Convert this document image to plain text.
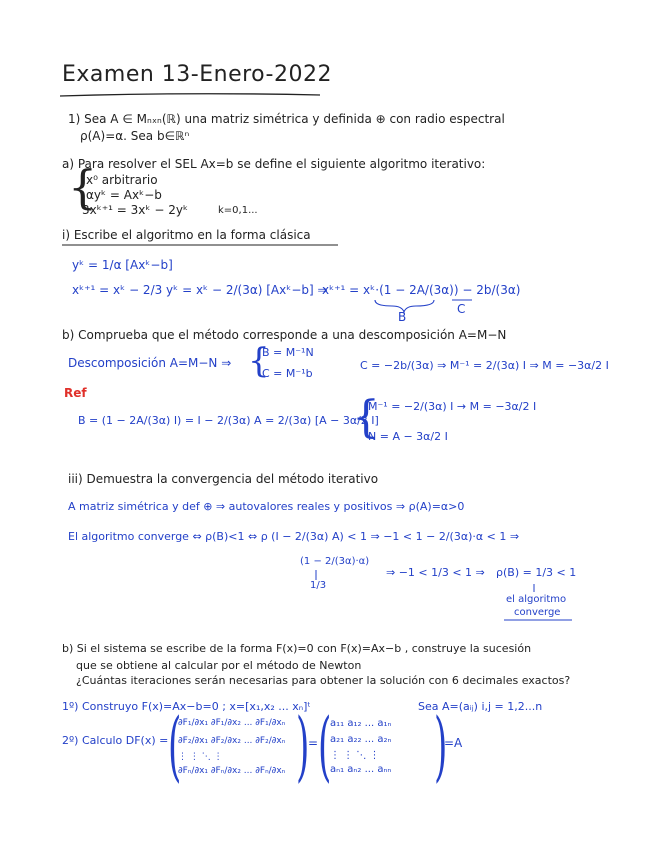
Examen 13-Enero-2022
1) Sea A ∈ Mₙₓₙ(ℝ) una matriz simétrica y definida ⊕ con radio espectral
ρ(A)=α. Sea b∈ℝⁿ
a) Para resolver el SEL Ax=b se define el siguiente algoritmo iterativo:
{
x⁰ arbitrario
αyᵏ = Axᵏ−b
3xᵏ⁺¹ = 3xᵏ − 2yᵏ	k=0,1...
i) Escribe el algoritmo en la forma clásica
yᵏ = 1/α [Axᵏ−b]
xᵏ⁺¹ = xᵏ − 2/3 yᵏ = xᵏ − 2/(3α) [Axᵏ−b] ⇒
xᵏ⁺¹ = xᵏ·(1 − 2A/(3α)) − 2b/(3α)
B
C
b) Comprueba que el método corresponde a una descomposición A=M−N
Descomposición A=M−N ⇒ {
B = M⁻¹N
C = M⁻¹b
C = −2b/(3α) ⇒ M⁻¹ = 2/(3α) I ⇒ M = −3α/2 I
Ref
B = (1 − 2A/(3α) I) = I − 2/(3α) A = 2/(3α) [A − 3α/2 I]
{
M⁻¹ = −2/(3α) I → M = −3α/2 I
N = A − 3α/2 I
iii) Demuestra la convergencia del método iterativo
A matriz simétrica y def ⊕ ⇒ autovalores reales y positivos ⇒ ρ(A)=α>0
El algoritmo converge ⇔ ρ(B)<1 ⇔ ρ (I − 2/(3α) A) < 1 ⇒ −1 < 1 − 2/(3α)·α < 1 ⇒
(1 − 2/(3α)·α)
1/3
⇒ −1 < 1/3 < 1 ⇒ ρ(B) = 1/3 < 1
el algoritmo
converge
b) Si el sistema se escribe de la forma F(x)=0 con F(x)=Ax−b , construye la sucesión
que se obtiene al calcular por el método de Newton
¿Cuántas iteraciones serán necesarias para obtener la solución con 6 decimales exactos?
1º) Construyo F(x)=Ax−b=0 ; x=[x₁,x₂ ... xₙ]ᵗ	Sea A=(aᵢⱼ) i,j = 1,2...n
2º) Calculo DF(x) = (
∂F₁/∂x₁ ∂F₁/∂x₂ ... ∂F₁/∂xₙ
∂F₂/∂x₁ ∂F₂/∂x₂ ... ∂F₂/∂xₙ
⋮ ⋮ ⋱ ⋮
∂Fₙ/∂x₁ ∂Fₙ/∂x₂ ... ∂Fₙ/∂xₙ )
= (
a₁₁ a₁₂ ... a₁ₙ
a₂₁ a₂₂ ... a₂ₙ
⋮ ⋮ ⋱ ⋮
aₙ₁ aₙ₂ ... aₙₙ )
=A
